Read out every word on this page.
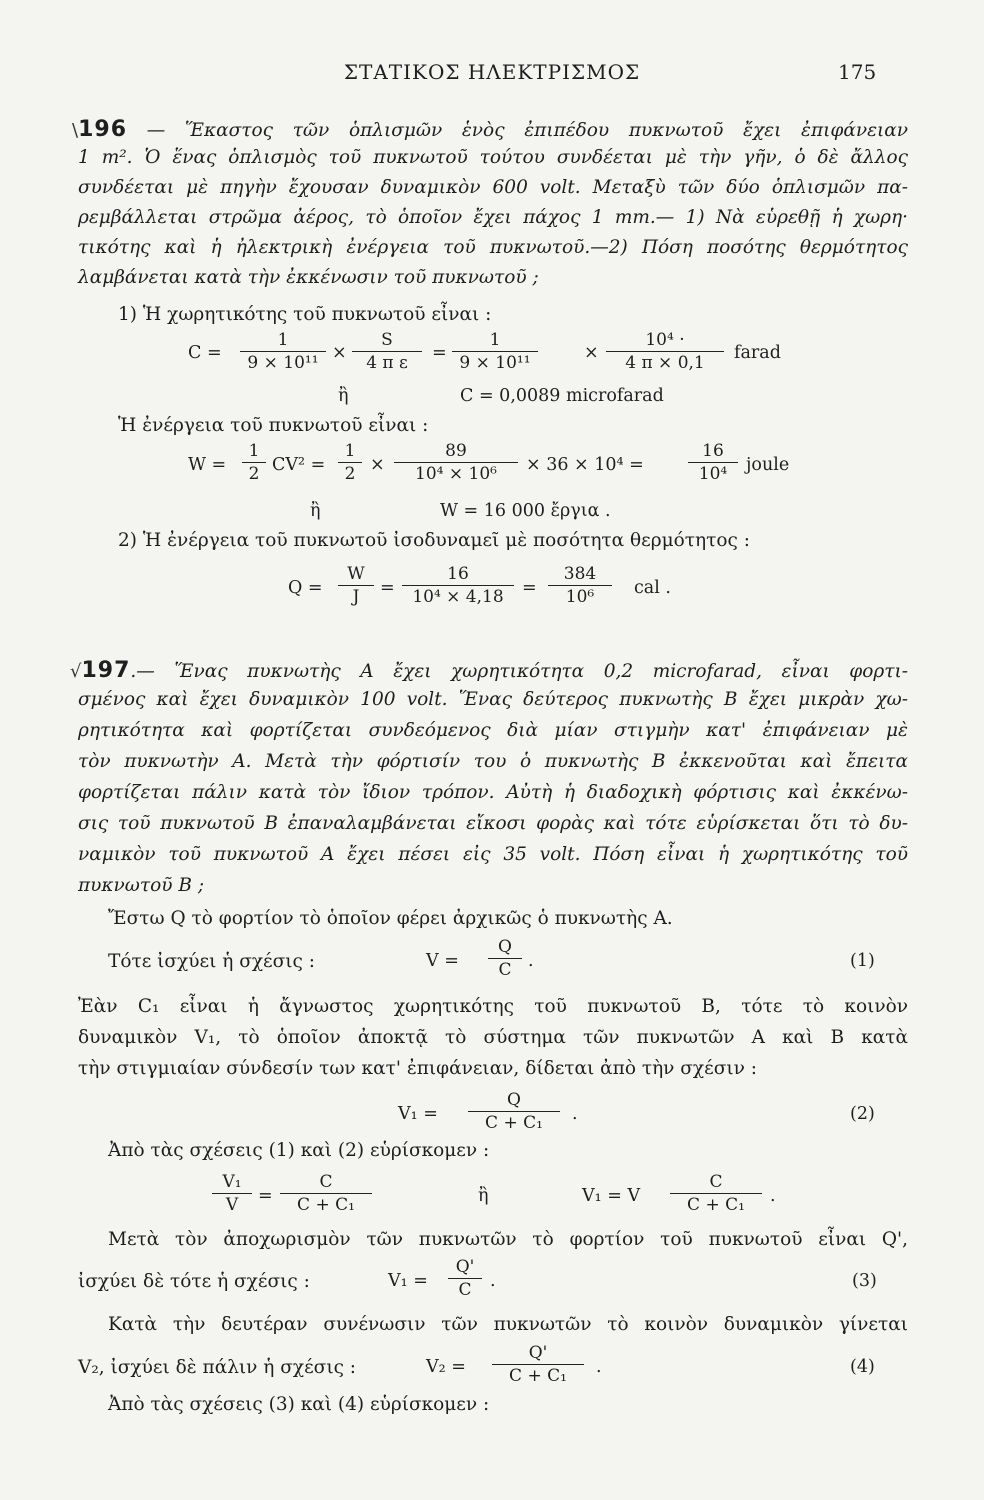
ΣΤΑΤΙΚΟΣ ΗΛΕΚΤΡΙΣΜΟΣ	175
\196 — Ἕκαστος τῶν ὁπλισμῶν ἑνὸς ἐπιπέδου πυκνωτοῦ ἔχει ἐπιφάνειαν
1 m². Ὁ ἕνας ὁπλισμὸς τοῦ πυκνωτοῦ τούτου συνδέεται μὲ τὴν γῆν, ὁ δὲ ἄλλος
συνδέεται μὲ πηγὴν ἔχουσαν δυναμικὸν 600 volt. Μεταξὺ τῶν δύο ὁπλισμῶν πα-
ρεμβάλλεται στρῶμα ἀέρος, τὸ ὁποῖον ἔχει πάχος 1 mm.— 1) Νὰ εὑρεθῇ ἡ χωρη·
τικότης καὶ ἡ ἠλεκτρικὴ ἐνέργεια τοῦ πυκνωτοῦ.—2) Πόση ποσότης θερμότητος
λαμβάνεται κατὰ τὴν ἐκκένωσιν τοῦ πυκνωτοῦ ;
1) Ἡ χωρητικότης τοῦ πυκνωτοῦ εἶναι :
$C = \frac{1}{\text{9 × 10¹¹}} \times \frac{S}{\text{4 π ε}} = \frac{1}{\text{9 × 10¹¹}}$	× $\frac{\text{10⁴ ·}}{4 \pi \times 0,1}$ farad
ἢ	C = 0,0089 microfarad
Ἡ ἐνέργεια τοῦ πυκνωτοῦ εἶναι :
$W = \frac{1}{2} CV^2 = \frac{1}{2} \times \frac{89}{\text{10⁴ × 10⁶}} \times 36 \times 10^4$ =	$\frac{16}{\text{10⁴}}$ joule
ἢ	W = 16 000 ἔργια .
2) Ἡ ἐνέργεια τοῦ πυκνωτοῦ ἰσοδυναμεῖ μὲ ποσότητα θερμότητος :
$Q = \frac{W}{J} = \frac{16}{\text{10⁴ × 4,18}} = \frac{384}{\text{10⁶}}$ cal .
√197.— Ἕνας πυκνωτὴς Α ἔχει χωρητικότητα 0,2 microfarad, εἶναι φορτι-
σμένος καὶ ἔχει δυναμικὸν 100 volt. Ἕνας δεύτερος πυκνωτὴς Β ἔχει μικρὰν χω-
ρητικότητα καὶ φορτίζεται συνδεόμενος διὰ μίαν στιγμὴν κατ' ἐπιφάνειαν μὲ
τὸν πυκνωτὴν Α. Μετὰ τὴν φόρτισίν του ὁ πυκνωτὴς Β ἐκκενοῦται καὶ ἔπειτα
φορτίζεται πάλιν κατὰ τὸν ἴδιον τρόπον. Αὐτὴ ἡ διαδοχικὴ φόρτισις καὶ ἐκκένω-
σις τοῦ πυκνωτοῦ Β ἐπαναλαμβάνεται εἴκοσι φορὰς καὶ τότε εὑρίσκεται ὅτι τὸ δυ-
ναμικὸν τοῦ πυκνωτοῦ Α ἔχει πέσει εἰς 35 volt. Πόση εἶναι ἡ χωρητικότης τοῦ
πυκνωτοῦ Β ;
Ἔστω Q τὸ φορτίον τὸ ὁποῖον φέρει ἀρχικῶς ὁ πυκνωτὴς Α.
Τότε ἰσχύει ἡ σχέσις :	$V = \frac{Q}{C}$ .	(1)
Ἐὰν C₁ εἶναι ἡ ἄγνωστος χωρητικότης τοῦ πυκνωτοῦ Β, τότε τὸ κοινὸν
δυναμικὸν V₁, τὸ ὁποῖον ἀποκτᾷ τὸ σύστημα τῶν πυκνωτῶν Α καὶ Β κατὰ
τὴν στιγμιαίαν σύνδεσίν των κατ' ἐπιφάνειαν, δίδεται ἀπὸ τὴν σχέσιν :
$V_1 = \frac{Q}{\text{C + C₁}}$ .	(2)
Ἀπὸ τὰς σχέσεις (1) καὶ (2) εὑρίσκομεν :
$\frac{\text{V₁}}{V} = \frac{C}{\text{C + C₁}}$	ἢ	V₁ = V $\frac{C}{\text{C + C₁}}$ .
Μετὰ τὸν ἀποχωρισμὸν τῶν πυκνωτῶν τὸ φορτίον τοῦ πυκνωτοῦ εἶναι Q',
ἰσχύει δὲ τότε ἡ σχέσις :	$V_1 = \frac{Q'}{C}$ .	(3)
Κατὰ τὴν δευτέραν συνένωσιν τῶν πυκνωτῶν τὸ κοινὸν δυναμικὸν γίνεται
V₂, ἰσχύει δὲ πάλιν ἡ σχέσις :	$V_2 = \frac{Q'}{\text{C + C₁}}$ .	(4)
Ἀπὸ τὰς σχέσεις (3) καὶ (4) εὑρίσκομεν :
